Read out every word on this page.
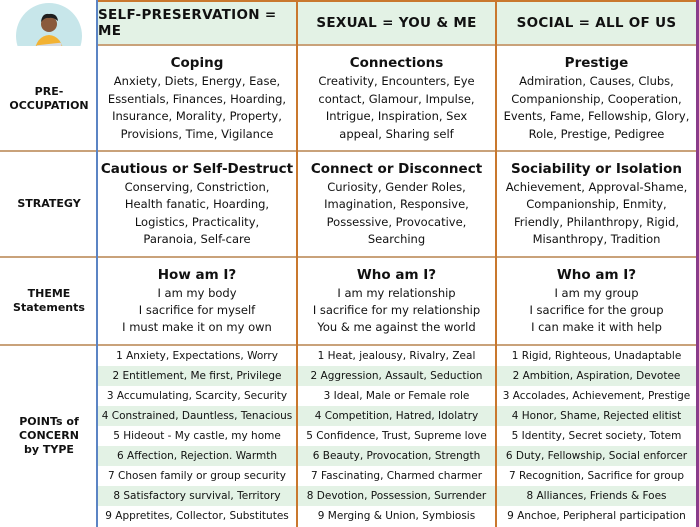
PRE-
OCCUPATION
STRATEGY
THEME
Statements
POINTs of
CONCERN
by TYPE
SELF-PRESERVATION = ME
Coping
Anxiety, Diets, Energy, Ease,
Essentials, Finances, Hoarding,
Insurance, Morality, Property,
Provisions, Time, Vigilance
Cautious or Self-Destruct
Conserving, Constriction,
Health fanatic, Hoarding,
Logistics, Practicality,
Paranoia, Self-care
How am I?
I am my body
I sacrifice for myself
I must make it on my own
SEXUAL = YOU & ME
Connections
Creativity, Encounters, Eye
contact, Glamour, Impulse,
Intrigue, Inspiration, Sex
appeal, Sharing self
Connect or Disconnect
Curiosity, Gender Roles,
Imagination, Responsive,
Possessive, Provocative,
Searching
Who am I?
I am my relationship
I sacrifice for my relationship
You & me against the world
SOCIAL = ALL OF US
Prestige
Admiration, Causes, Clubs,
Companionship, Cooperation,
Events, Fame, Fellowship, Glory,
Role, Prestige, Pedigree
Sociability or Isolation
Achievement, Approval-Shame,
Companionship, Enmity,
Friendly, Philanthropy, Rigid,
Misanthropy, Tradition
Who am I?
I am my group
I sacrifice for the group
I can make it with help
1 Anxiety, Expectations, Worry
2 Entitlement, Me first, Privilege
3 Accumulating, Scarcity, Security
4 Constrained, Dauntless, Tenacious
5 Hideout - My castle, my home
6 Affection, Rejection. Warmth
7 Chosen family or group security
8 Satisfactory survival, Territory
9 Appretites, Collector, Substitutes
1 Heat, jealousy, Rivalry, Zeal
2 Aggression, Assault, Seduction
3 Ideal, Male or Female role
4 Competition, Hatred, Idolatry
5 Confidence, Trust, Supreme love
6 Beauty, Provocation, Strength
7 Fascinating, Charmed charmer
8 Devotion, Possession, Surrender
9 Merging & Union, Symbiosis
1 Rigid, Righteous, Unadaptable
2 Ambition, Aspiration, Devotee
3 Accolades, Achievement, Prestige
4 Honor, Shame, Rejected elitist
5 Identity, Secret society, Totem
6 Duty, Fellowship, Social enforcer
7 Recognition, Sacrifice for group
8 Alliances, Friends & Foes
9 Anchoe, Peripheral participation
